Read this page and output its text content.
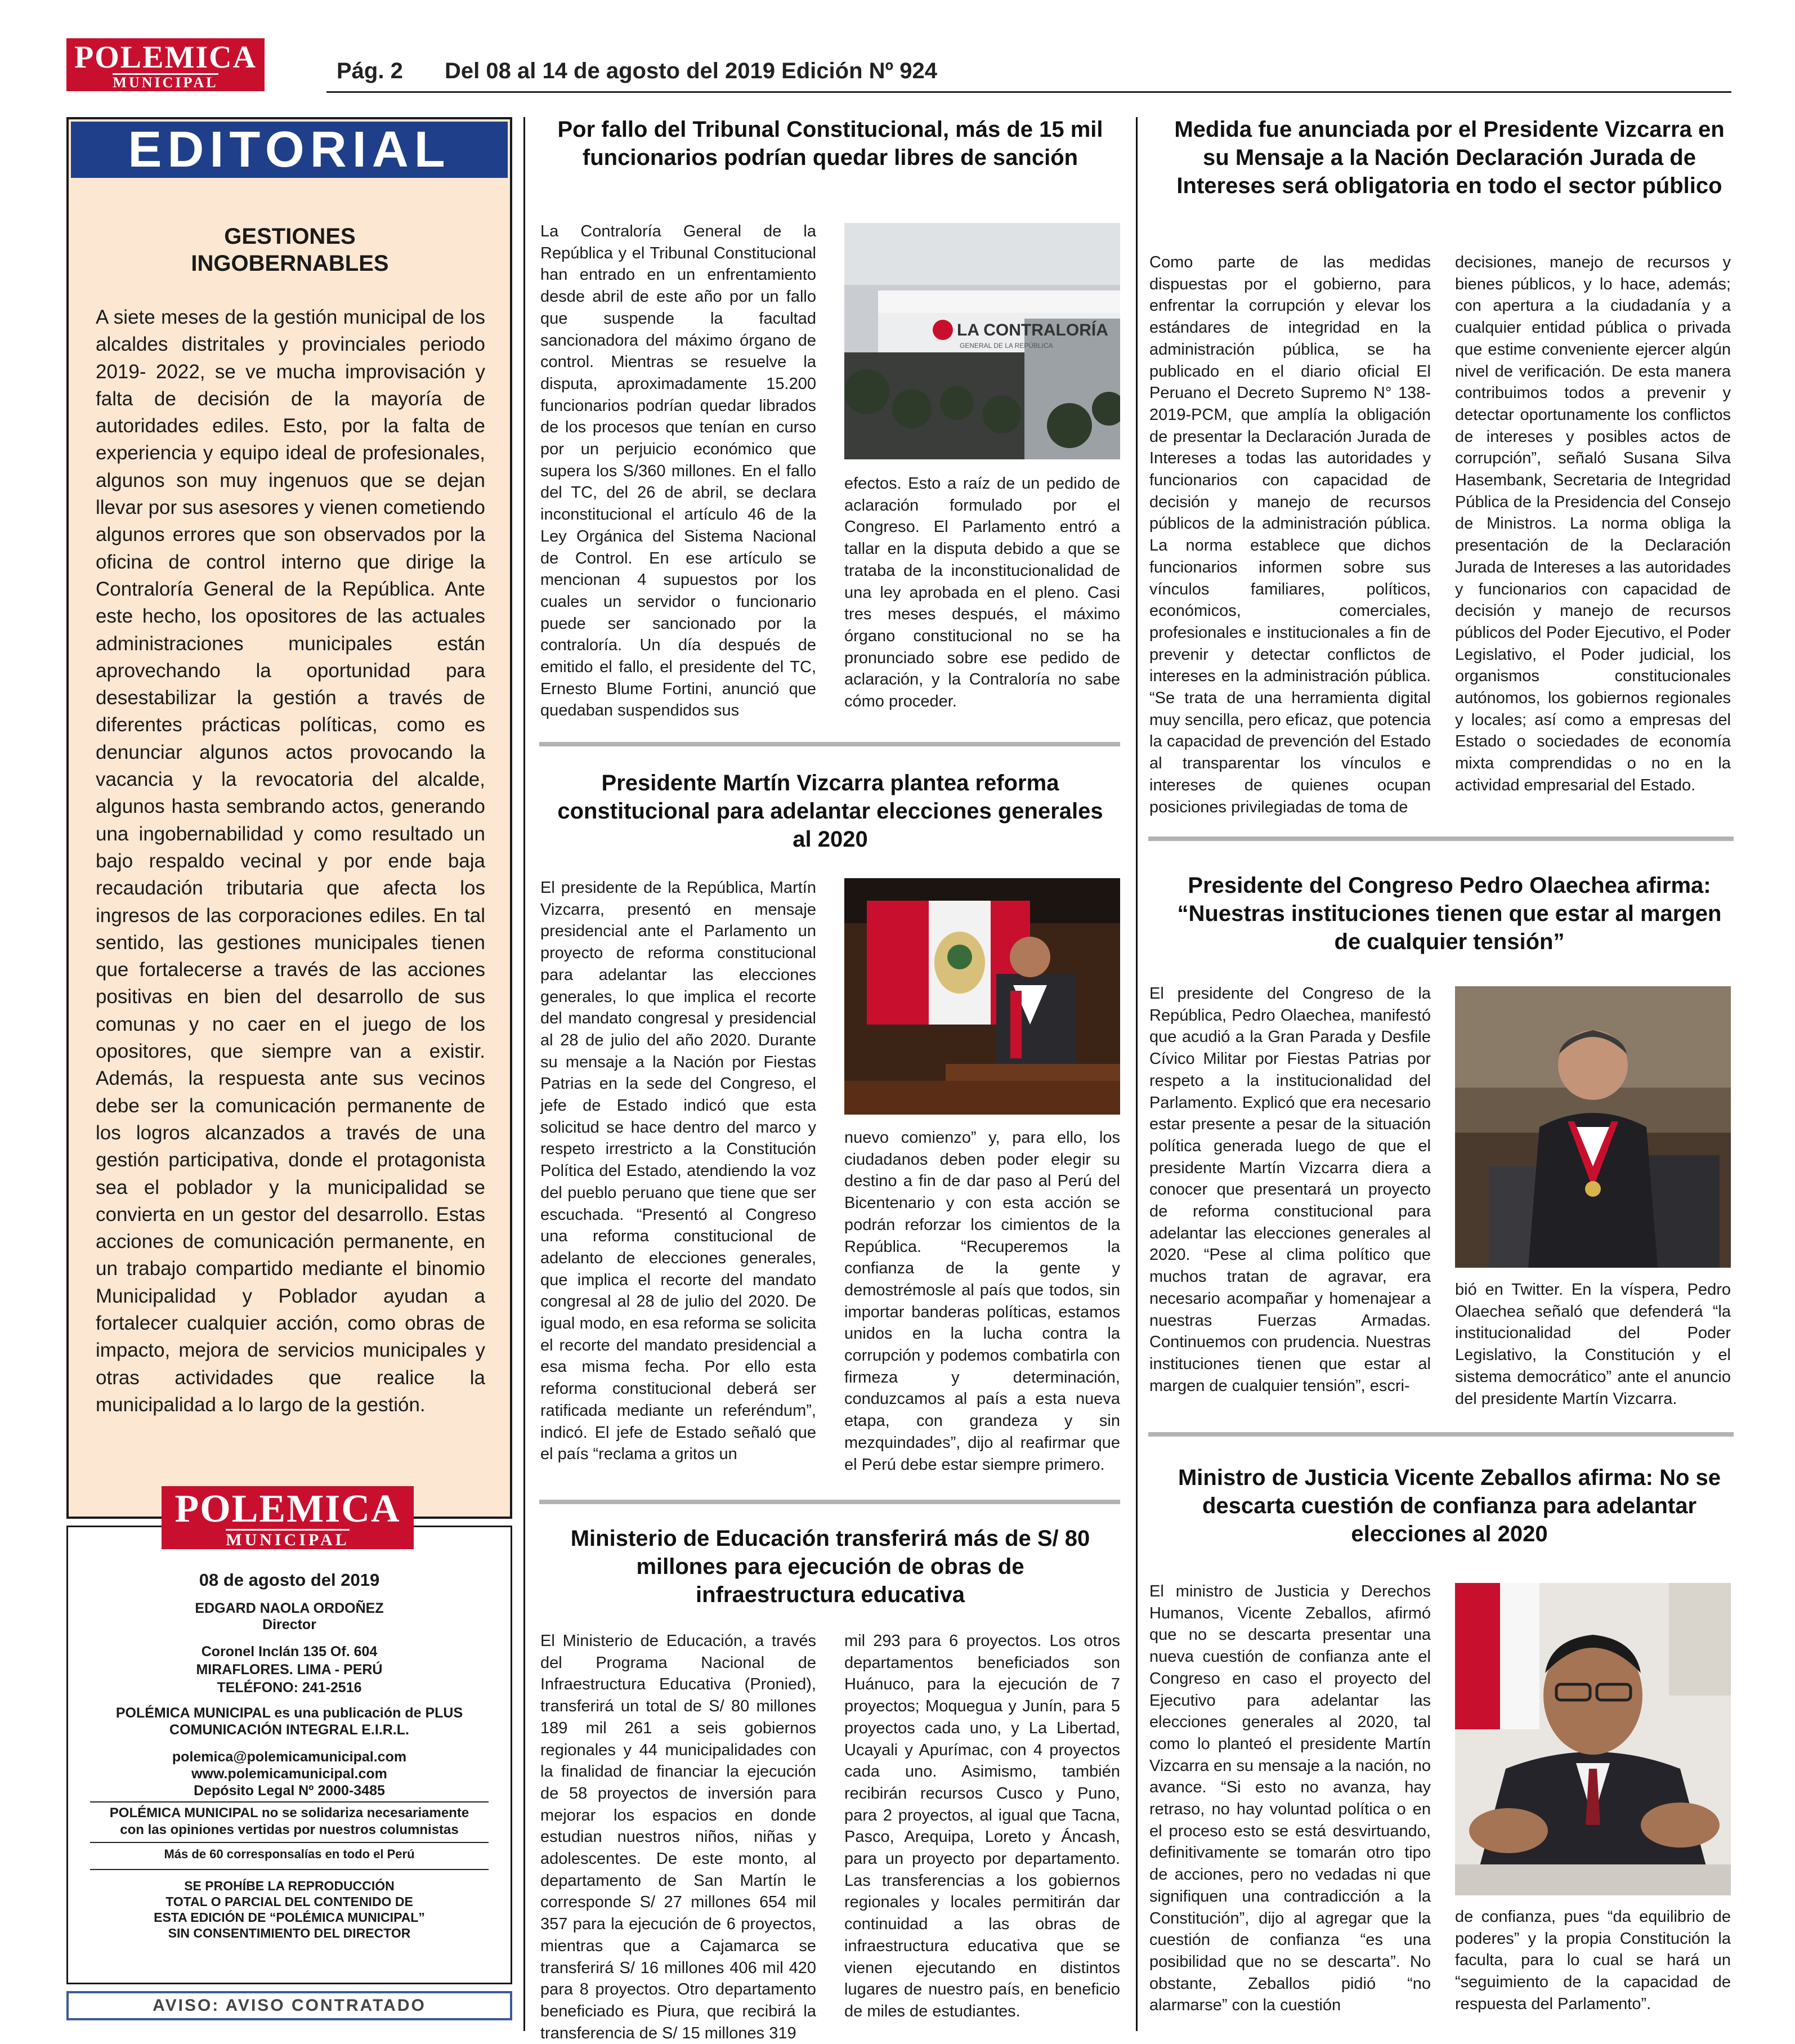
POLEMICA
MUNICIPAL	Pág. 2 Del 08 al 14 de agosto del 2019 Edición Nº 924
EDITORIAL
GESTIONES INGOBERNABLES
A siete meses de la gestión municipal de los alcaldes distritales y provinciales periodo 2019- 2022, se ve mucha improvisación y falta de decisión de la mayoría de autoridades ediles. Esto, por la falta de experiencia y equipo ideal de profesionales, algunos son muy ingenuos que se dejan llevar por sus asesores y vienen cometiendo algunos errores que son observados por la oficina de control interno que dirige la Contraloría General de la República. Ante este hecho, los opositores de las actuales administraciones municipales están aprovechando la oportunidad para desestabilizar la gestión a través de diferentes prácticas políticas, como es denunciar algunos actos provocando la vacancia y la revocatoria del alcalde, algunos hasta sembrando actos, generando una ingobernabilidad y como resultado un bajo respaldo vecinal y por ende baja recaudación tributaria que afecta los ingresos de las corporaciones ediles. En tal sentido, las gestiones municipales tienen que fortalecerse a través de las acciones positivas en bien del desarrollo de sus comunas y no caer en el juego de los opositores, que siempre van a existir. Además, la respuesta ante sus vecinos debe ser la comunicación permanente de los logros alcanzados a través de una gestión participativa, donde el protagonista sea el poblador y la municipalidad se convierta en un gestor del desarrollo. Estas acciones de comunicación permanente, en un trabajo compartido mediante el binomio Municipalidad y Poblador ayudan a fortalecer cualquier acción, como obras de impacto, mejora de servicios municipales y otras actividades que realice la municipalidad a lo largo de la gestión.
POLEMICA
MUNICIPAL
08 de agosto del 2019
EDGARD NAOLA ORDOÑEZ
Director
Coronel Inclán 135 Of. 604
MIRAFLORES. LIMA - PERÚ
TELÉFONO: 241-2516
POLÉMICA MUNICIPAL es una publicación de PLUS
COMUNICACIÓN INTEGRAL E.I.R.L.
polemica@polemicamunicipal.com
www.polemicamunicipal.com
Depósito Legal Nº 2000-3485
POLÉMICA MUNICIPAL no se solidariza necesariamente
con las opiniones vertidas por nuestros columnistas
Más de 60 corresponsalías en todo el Perú
SE PROHÍBE LA REPRODUCCIÓN
TOTAL O PARCIAL DEL CONTENIDO DE
ESTA EDICIÓN DE “POLÉMICA MUNICIPAL”
SIN CONSENTIMIENTO DEL DIRECTOR
AVISO: AVISO CONTRATADO
Por fallo del Tribunal Constitucional, más de 15 mil funcionarios podrían quedar libres de sanción
La Contraloría General de la República y el Tribunal Constitucional han entrado en un enfrentamiento desde abril de este año por un fallo que suspende la facultad sancionadora del máximo órgano de control. Mientras se resuelve la disputa, aproximadamente 15.200 funcionarios podrían quedar librados de los procesos que tenían en curso por un perjuicio económico que supera los S/360 millones. En el fallo del TC, del 26 de abril, se declara inconstitucional el artículo 46 de la Ley Orgánica del Sistema Nacional de Control. En ese artículo se mencionan 4 supuestos por los cuales un servidor o funcionario puede ser sancionado por la contraloría. Un día después de emitido el fallo, el presidente del TC, Ernesto Blume Fortini, anunció que quedaban suspendidos sus
LA CONTRALORÍA
GENERAL DE LA REPÚBLICA
efectos. Esto a raíz de un pedido de aclaración formulado por el Congreso. El Parlamento entró a tallar en la disputa debido a que se trataba de la inconstitucionalidad de una ley aprobada en el pleno. Casi tres meses después, el máximo órgano constitucional no se ha pronunciado sobre ese pedido de aclaración, y la Contraloría no sabe cómo proceder.
Presidente Martín Vizcarra plantea reforma constitucional para adelantar elecciones generales al 2020
El presidente de la República, Martín Vizcarra, presentó en mensaje presidencial ante el Parlamento un proyecto de reforma constitucional para adelantar las elecciones generales, lo que implica el recorte del mandato congresal y presidencial al 28 de julio del año 2020. Durante su mensaje a la Nación por Fiestas Patrias en la sede del Congreso, el jefe de Estado indicó que esta solicitud se hace dentro del marco y respeto irrestricto a la Constitución Política del Estado, atendiendo la voz del pueblo peruano que tiene que ser escuchada. “Presentó al Congreso una reforma constitucional de adelanto de elecciones generales, que implica el recorte del mandato congresal al 28 de julio del 2020. De igual modo, en esa reforma se solicita el recorte del mandato presidencial a esa misma fecha. Por ello esta reforma constitucional deberá ser ratificada mediante un referéndum”, indicó. El jefe de Estado señaló que el país “reclama a gritos un
nuevo comienzo” y, para ello, los ciudadanos deben poder elegir su destino a fin de dar paso al Perú del Bicentenario y con esta acción se podrán reforzar los cimientos de la República. “Recuperemos la confianza de la gente y demostrémosle al país que todos, sin importar banderas políticas, estamos unidos en la lucha contra la corrupción y podemos combatirla con firmeza y determinación, conduzcamos al país a esta nueva etapa, con grandeza y sin mezquindades”, dijo al reafirmar que el Perú debe estar siempre primero.
Ministerio de Educación transferirá más de S/ 80 millones para ejecución de obras de infraestructura educativa
El Ministerio de Educación, a través del Programa Nacional de Infraestructura Educativa (Pronied), transferirá un total de S/ 80 millones 189 mil 261 a seis gobiernos regionales y 44 municipalidades con la finalidad de financiar la ejecución de 58 proyectos de inversión para mejorar los espacios en donde estudian nuestros niños, niñas y adolescentes. De este monto, al departamento de San Martín le corresponde S/ 27 millones 654 mil 357 para la ejecución de 6 proyectos, mientras que a Cajamarca se transferirá S/ 16 millones 406 mil 420 para 8 proyectos. Otro departamento beneficiado es Piura, que recibirá la transferencia de S/ 15 millones 319
mil 293 para 6 proyectos. Los otros departamentos beneficiados son Huánuco, para la ejecución de 7 proyectos; Moquegua y Junín, para 5 proyectos cada uno, y La Libertad, Ucayali y Apurímac, con 4 proyectos cada uno. Asimismo, también recibirán recursos Cusco y Puno, para 2 proyectos, al igual que Tacna, Pasco, Arequipa, Loreto y Áncash, para un proyecto por departamento. Las transferencias a los gobiernos regionales y locales permitirán dar continuidad a las obras de infraestructura educativa que se vienen ejecutando en distintos lugares de nuestro país, en beneficio de miles de estudiantes.
Medida fue anunciada por el Presidente Vizcarra en su Mensaje a la Nación Declaración Jurada de Intereses será obligatoria en todo el sector público
Como parte de las medidas dispuestas por el gobierno, para enfrentar la corrupción y elevar los estándares de integridad en la administración pública, se ha publicado en el diario oficial El Peruano el Decreto Supremo N° 138-2019-PCM, que amplía la obligación de presentar la Declaración Jurada de Intereses a todas las autoridades y funcionarios con capacidad de decisión y manejo de recursos públicos de la administración pública. La norma establece que dichos funcionarios informen sobre sus vínculos familiares, políticos, económicos, comerciales, profesionales e institucionales a fin de prevenir y detectar conflictos de intereses en la administración pública. “Se trata de una herramienta digital muy sencilla, pero eficaz, que potencia la capacidad de prevención del Estado al transparentar los vínculos e intereses de quienes ocupan posiciones privilegiadas de toma de
decisiones, manejo de recursos y bienes públicos, y lo hace, además; con apertura a la ciudadanía y a cualquier entidad pública o privada que estime conveniente ejercer algún nivel de verificación. De esta manera contribuimos todos a prevenir y detectar oportunamente los conflictos de intereses y posibles actos de corrupción”, señaló Susana Silva Hasembank, Secretaria de Integridad Pública de la Presidencia del Consejo de Ministros. La norma obliga la presentación de la Declaración Jurada de Intereses a las autoridades y funcionarios con capacidad de decisión y manejo de recursos públicos del Poder Ejecutivo, el Poder Legislativo, el Poder judicial, los organismos constitucionales autónomos, los gobiernos regionales y locales; así como a empresas del Estado o sociedades de economía mixta comprendidas o no en la actividad empresarial del Estado.
Presidente del Congreso Pedro Olaechea afirma: “Nuestras instituciones tienen que estar al margen de cualquier tensión”
El presidente del Congreso de la República, Pedro Olaechea, manifestó que acudió a la Gran Parada y Desfile Cívico Militar por Fiestas Patrias por respeto a la institucionalidad del Parlamento. Explicó que era necesario estar presente a pesar de la situación política generada luego de que el presidente Martín Vizcarra diera a conocer que presentará un proyecto de reforma constitucional para adelantar las elecciones generales al 2020. “Pese al clima político que muchos tratan de agravar, era necesario acompañar y homenajear a nuestras Fuerzas Armadas. Continuemos con prudencia. Nuestras instituciones tienen que estar al margen de cualquier tensión”, escri-
bió en Twitter. En la víspera, Pedro Olaechea señaló que defenderá “la institucionalidad del Poder Legislativo, la Constitución y el sistema democrático” ante el anuncio del presidente Martín Vizcarra.
Ministro de Justicia Vicente Zeballos afirma: No se descarta cuestión de confianza para adelantar elecciones al 2020
El ministro de Justicia y Derechos Humanos, Vicente Zeballos, afirmó que no se descarta presentar una nueva cuestión de confianza ante el Congreso en caso el proyecto del Ejecutivo para adelantar las elecciones generales al 2020, tal como lo planteó el presidente Martín Vizcarra en su mensaje a la nación, no avance. “Si esto no avanza, hay retraso, no hay voluntad política o en el proceso esto se está desvirtuando, definitivamente se tomarán otro tipo de acciones, pero no vedadas ni que signifiquen una contradicción a la Constitución”, dijo al agregar que la cuestión de confianza “es una posibilidad que no se descarta”. No obstante, Zeballos pidió “no alarmarse” con la cuestión
de confianza, pues “da equilibrio de poderes” y la propia Constitución la faculta, para lo cual se hará un “seguimiento de la capacidad de respuesta del Parlamento”.
